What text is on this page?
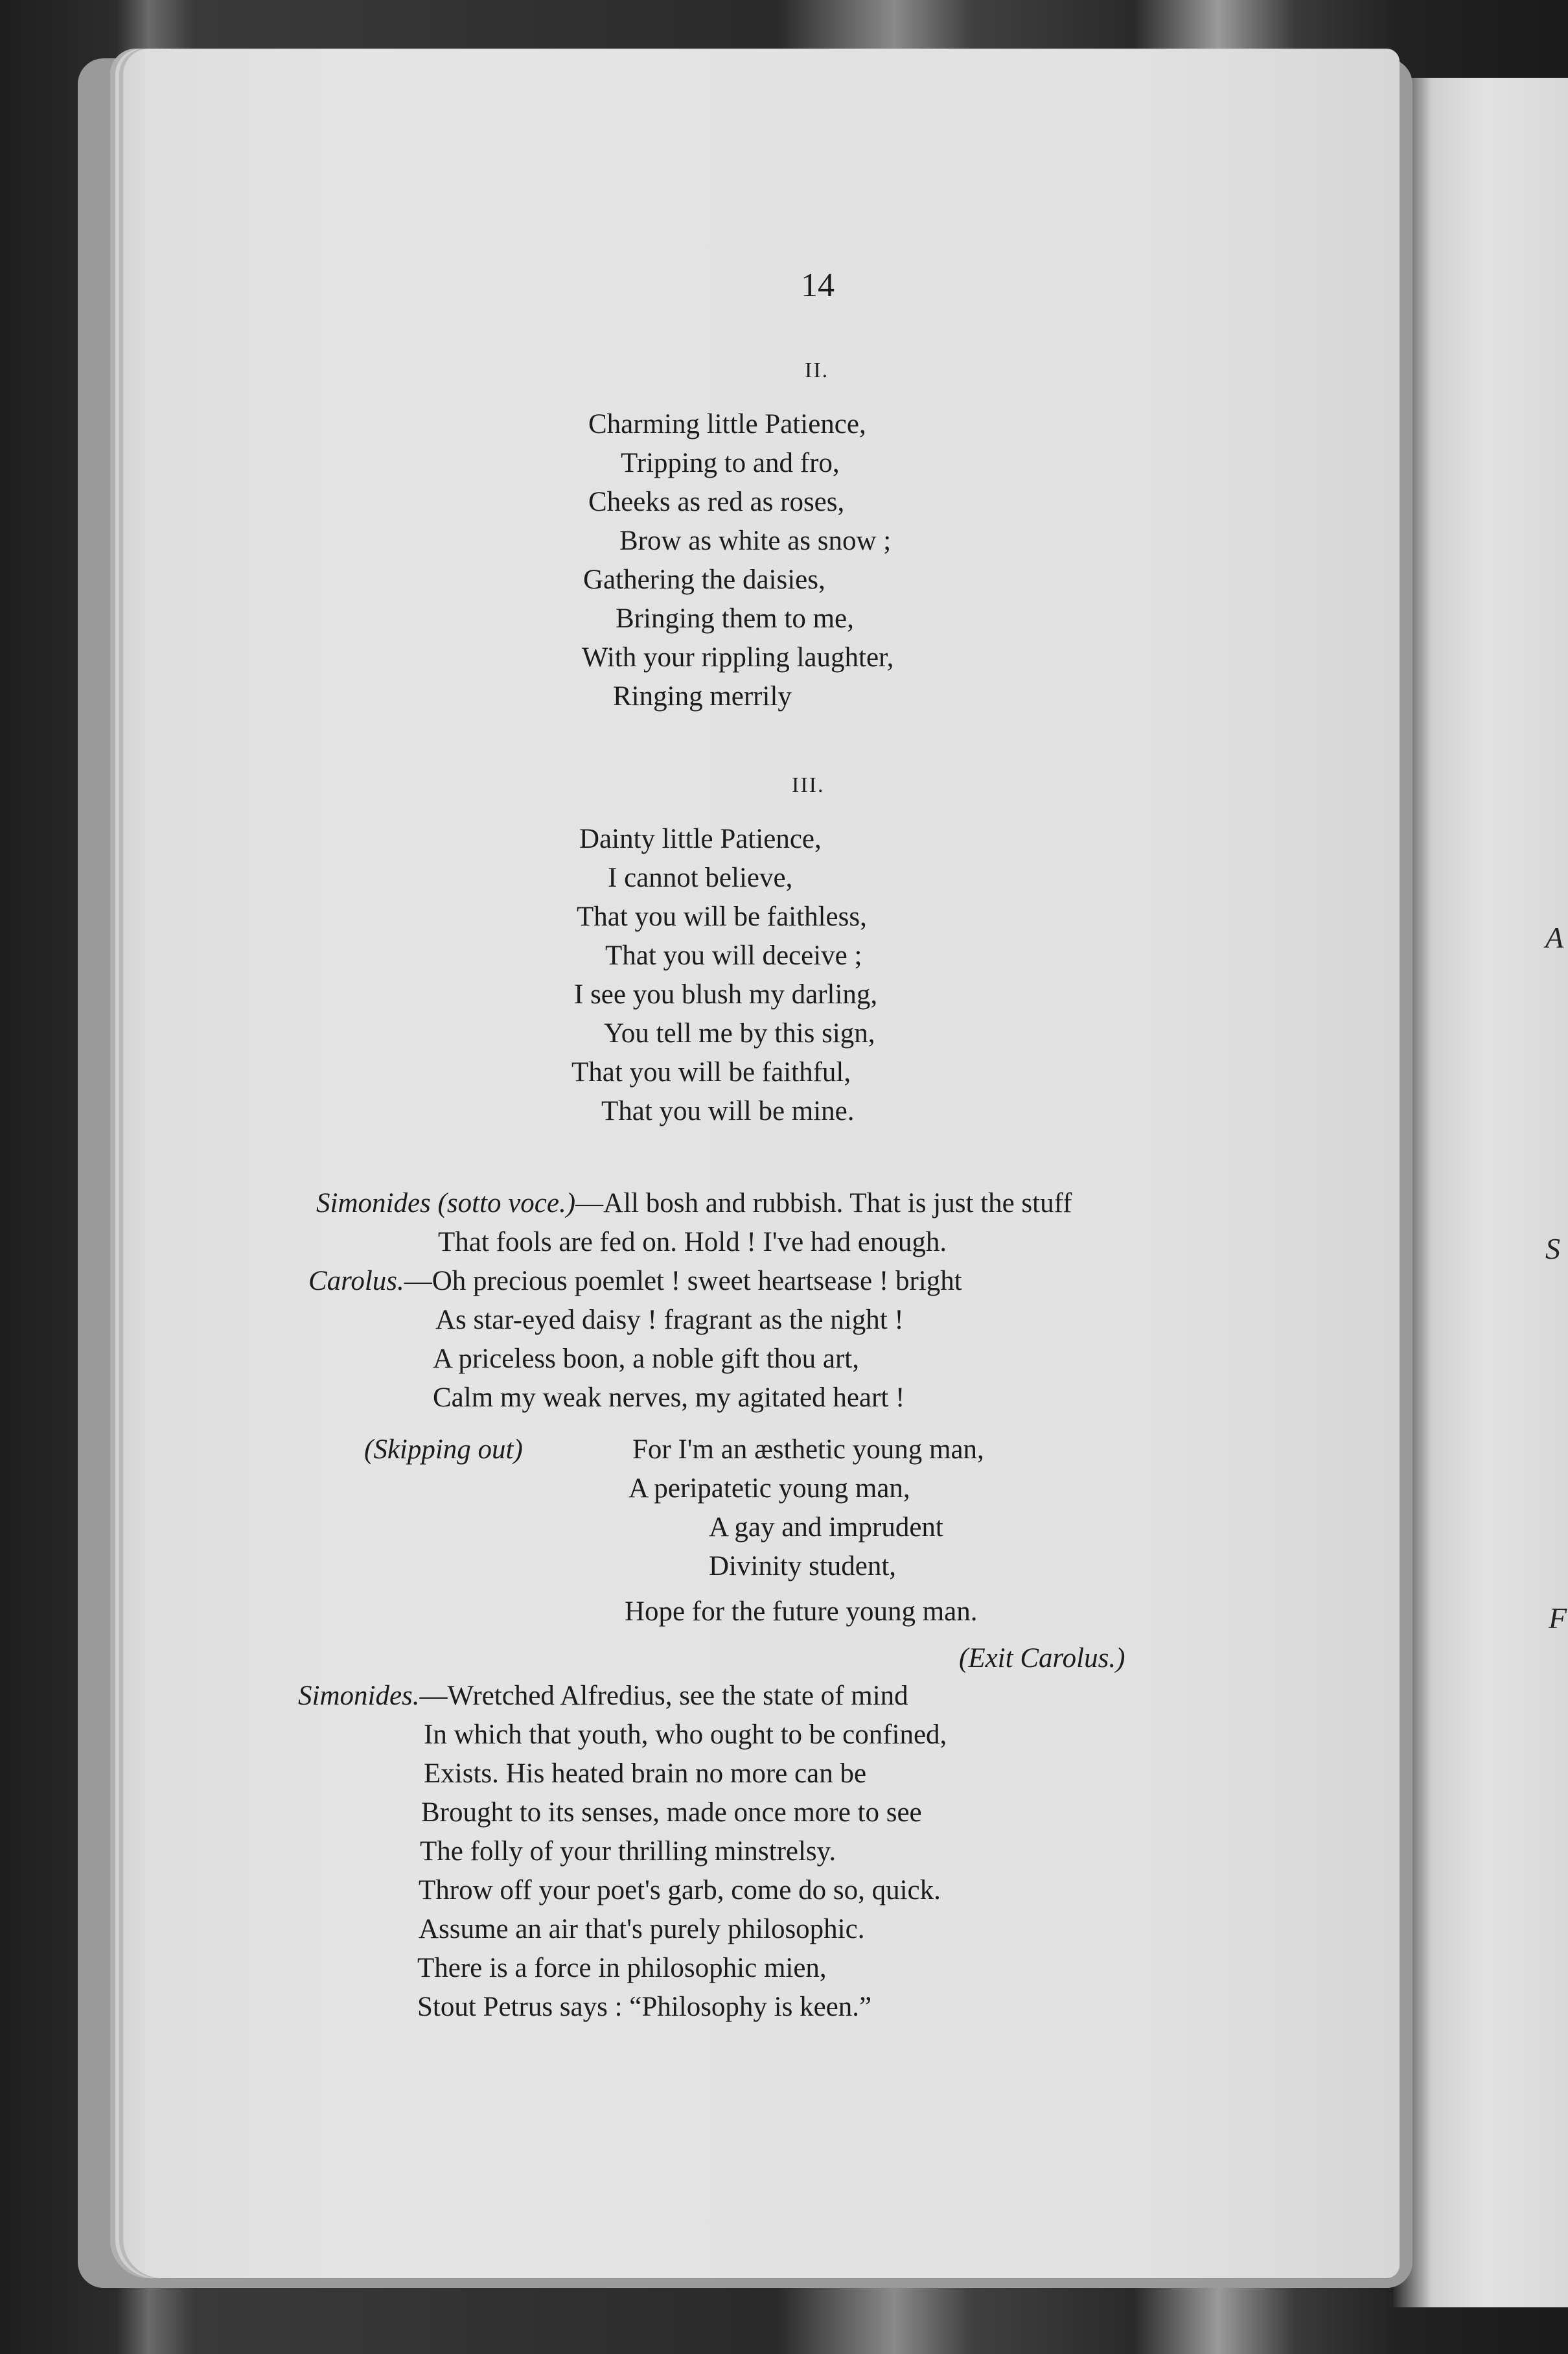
A
S
F
14
II.
Charming little Patience,
Tripping to and fro,
Cheeks as red as roses,
Brow as white as snow ;
Gathering the daisies,
Bringing them to me,
With your rippling laughter,
Ringing merrily
III.
Dainty little Patience,
I cannot believe,
That you will be faithless,
That you will deceive ;
I see you blush my darling,
You tell me by this sign,
That you will be faithful,
That you will be mine.
Simonides (sotto voce.)—All bosh and rubbish. That is just the stuff
That fools are fed on. Hold ! I've had enough.
Carolus.—Oh precious poemlet ! sweet heartsease ! bright
As star-eyed daisy ! fragrant as the night !
A priceless boon, a noble gift thou art,
Calm my weak nerves, my agitated heart !
(Skipping out)	For I'm an æsthetic young man,
A peripatetic young man,
A gay and imprudent
Divinity student,
Hope for the future young man.
(Exit Carolus.)
Simonides.—Wretched Alfredius, see the state of mind
In which that youth, who ought to be confined,
Exists. His heated brain no more can be
Brought to its senses, made once more to see
The folly of your thrilling minstrelsy.
Throw off your poet's garb, come do so, quick.
Assume an air that's purely philosophic.
There is a force in philosophic mien,
Stout Petrus says : “Philosophy is keen.”
